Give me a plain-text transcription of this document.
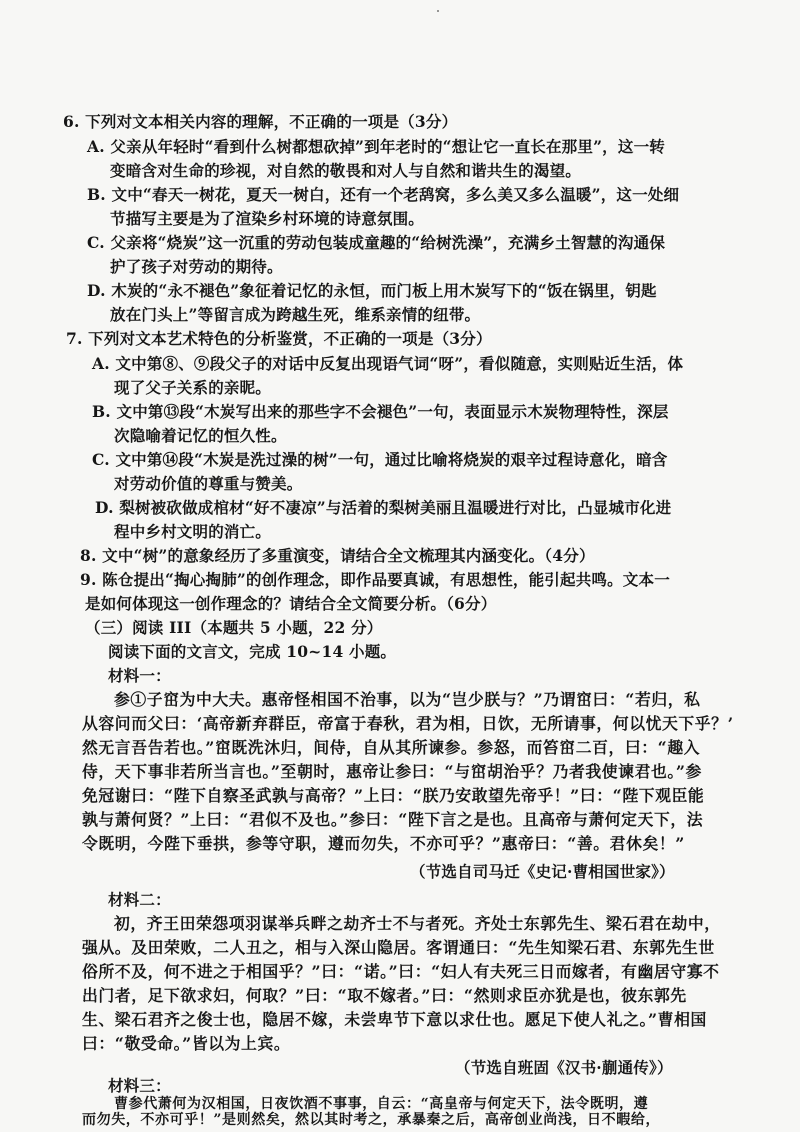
6. 下列对文本相关内容的理解，不正确的一项是（3分）
A. 父亲从年轻时“看到什么树都想砍掉”到年老时的“想让它一直长在那里”，这一转
变暗含对生命的珍视，对自然的敬畏和对人与自然和谐共生的渴望。
B. 文中“春天一树花，夏天一树白，还有一个老鸹窝，多么美又多么温暖”，这一处细
节描写主要是为了渲染乡村环境的诗意氛围。
C. 父亲将“烧炭”这一沉重的劳动包装成童趣的“给树洗澡”，充满乡土智慧的沟通保
护了孩子对劳动的期待。
D. 木炭的“永不褪色”象征着记忆的永恒，而门板上用木炭写下的“饭在锅里，钥匙
放在门头上”等留言成为跨越生死，维系亲情的纽带。
7. 下列对文本艺术特色的分析鉴赏，不正确的一项是（3分）
A. 文中第⑧、⑨段父子的对话中反复出现语气词“呀”，看似随意，实则贴近生活，体
现了父子关系的亲昵。
B. 文中第⑬段“木炭写出来的那些字不会褪色”一句，表面显示木炭物理特性，深层
次隐喻着记忆的恒久性。
C. 文中第⑭段“木炭是洗过澡的树”一句，通过比喻将烧炭的艰辛过程诗意化，暗含
对劳动价值的尊重与赞美。
D. 梨树被砍做成棺材“好不凄凉”与活着的梨树美丽且温暖进行对比，凸显城市化进
程中乡村文明的消亡。
8. 文中“树”的意象经历了多重演变，请结合全文梳理其内涵变化。（4分）
9. 陈仓提出“掏心掏肺”的创作理念，即作品要真诚，有思想性，能引起共鸣。文本一
是如何体现这一创作理念的？请结合全文简要分析。（6分）
（三）阅读 III（本题共 5 小题，22 分）
阅读下面的文言文，完成 10~14 小题。
材料一：
参①子窋为中大夫。惠帝怪相国不治事，以为“岂少朕与？”乃谓窋曰：“若归，私
从容问而父曰：‘高帝新弃群臣，帝富于春秋，君为相，日饮，无所请事，何以忧天下乎？’
然无言吾告若也。”窋既洗沐归，间侍，自从其所谏参。参怒，而笞窋二百，曰：“趣入
侍，天下事非若所当言也。”至朝时，惠帝让参曰：“与窋胡治乎？乃者我使谏君也。”参
免冠谢曰：“陛下自察圣武孰与高帝？”上曰：“朕乃安敢望先帝乎！”曰：“陛下观臣能
孰与萧何贤？”上曰：“君似不及也。”参曰：“陛下言之是也。且高帝与萧何定天下，法
令既明，今陛下垂拱，参等守职，遵而勿失，不亦可乎？”惠帝曰：“善。君休矣！”
（节选自司马迁《史记·曹相国世家》）
材料二：
初，齐王田荣怨项羽谋举兵畔之劫齐士不与者死。齐处士东郭先生、梁石君在劫中，
强从。及田荣败，二人丑之，相与入深山隐居。客谓通曰：“先生知梁石君、东郭先生世
俗所不及，何不进之于相国乎？”曰：“诺。”曰：“妇人有夫死三日而嫁者，有幽居守寡不
出门者，足下欲求妇，何取？”曰：“取不嫁者。”曰：“然则求臣亦犹是也，彼东郭先
生、梁石君齐之俊士也，隐居不嫁，未尝卑节下意以求仕也。愿足下使人礼之。”曹相国
曰：“敬受命。”皆以为上宾。
（节选自班固《汉书·蒯通传》）
材料三：
曹参代萧何为汉相国，日夜饮酒不事事，自云：“高皇帝与何定天下，法令既明，遵
而勿失，不亦可乎！”是则然矣，然以其时考之，承暴秦之后，高帝创业尚浅，日不暇给，
